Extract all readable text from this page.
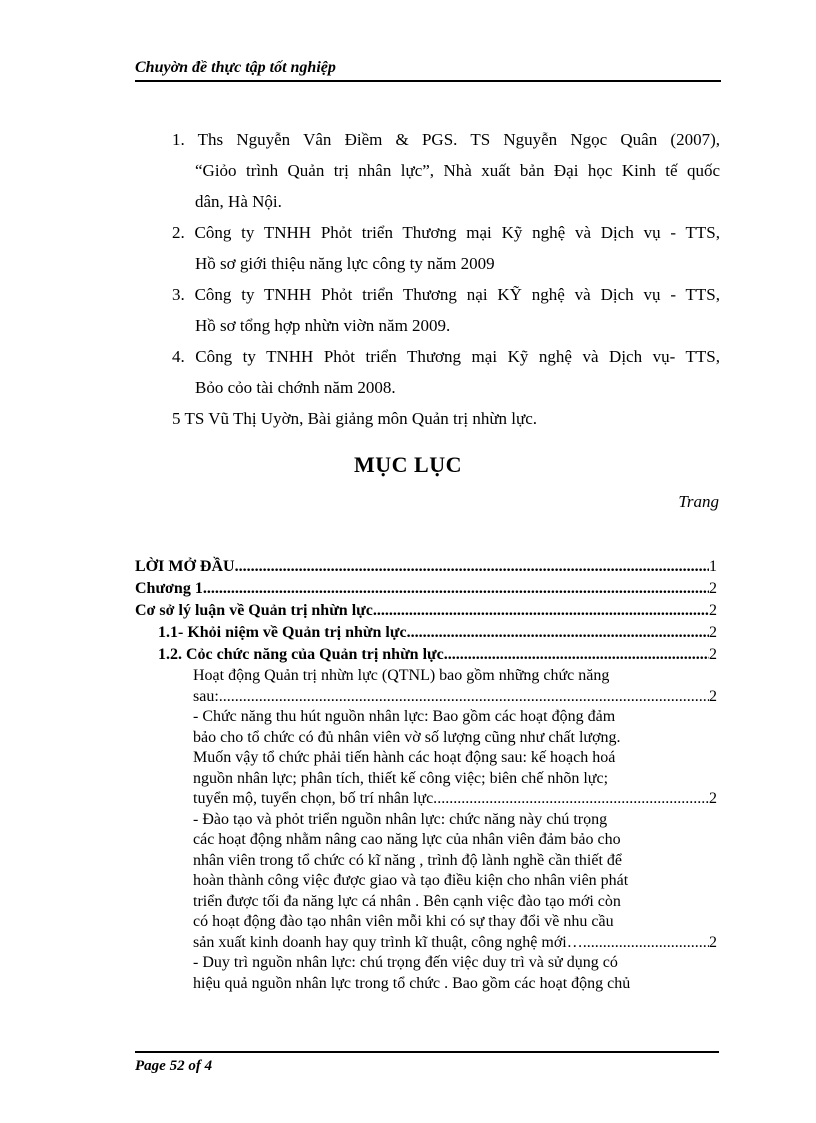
Chuyờn đề thực tập tốt nghiệp
1. Ths Nguyễn Vân Điềm & PGS. TS Nguyễn Ngọc Quân (2007),
“Giỏo trình Quản trị nhân lực”, Nhà xuất bản Đại học Kinh tế quốc
dân, Hà Nội.
2. Công ty TNHH Phỏt triển Thương mại Kỹ nghệ và Dịch vụ - TTS,
Hồ sơ giới thiệu năng lực công ty năm 2009
3. Công ty TNHH Phỏt triển Thương nại KỸ nghệ và Dịch vụ - TTS,
Hồ sơ tổng hợp nhừn viờn năm 2009.
4. Công ty TNHH Phỏt triển Thương mại Kỹ nghệ và Dịch vụ- TTS,
Bỏo cỏo tài chớnh năm 2008.
5 TS Vũ Thị Uyờn, Bài giảng môn Quản trị nhừn lực.
MỤC LỤC
Trang
LỜI MỞ ĐẦU .....	1
Chương 1 .....	2
Cơ sở lý luận về Quản trị nhừn lực .....	2
1.1- Khỏi niệm về Quản trị nhừn lực .....	2
1.2. Cỏc chức năng của Quản trị nhừn lực .....	2
Hoạt động Quản trị nhừn lực (QTNL) bao gồm những chức năng
sau: .....	2
- Chức năng thu hút nguồn nhân lực: Bao gồm các hoạt động đảm
bảo cho tổ chức có đủ nhân viên vờ số lượng cũng như chất lượng.
Muốn vậy tổ chức phải tiến hành các hoạt động sau: kế hoạch hoá
nguồn nhân lực; phân tích, thiết kế công việc; biên chế nhõn lực;
tuyển mộ, tuyển chọn, bố trí nhân lực. .....	2
- Đào tạo và phỏt triển nguồn nhân lực: chức năng này chú trọng
các hoạt động nhằm nâng cao năng lực của nhân viên đảm bảo cho
nhân viên trong tổ chức có kĩ năng , trình độ lành nghề cần thiết để
hoàn thành công việc được giao và tạo điều kiện cho nhân viên phát
triển được tối đa năng lực cá nhân . Bên cạnh việc đào tạo mới còn
có hoạt động đào tạo nhân viên mỗi khi có sự thay đổi về nhu cầu
sản xuất kinh doanh hay quy trình kĩ thuật, công nghệ mới… .....	2
- Duy trì nguồn nhân lực: chú trọng đến việc duy trì và sử dụng có
hiệu quả nguồn nhân lực trong tổ chức . Bao gồm các hoạt động chủ
Page 52 of 4
